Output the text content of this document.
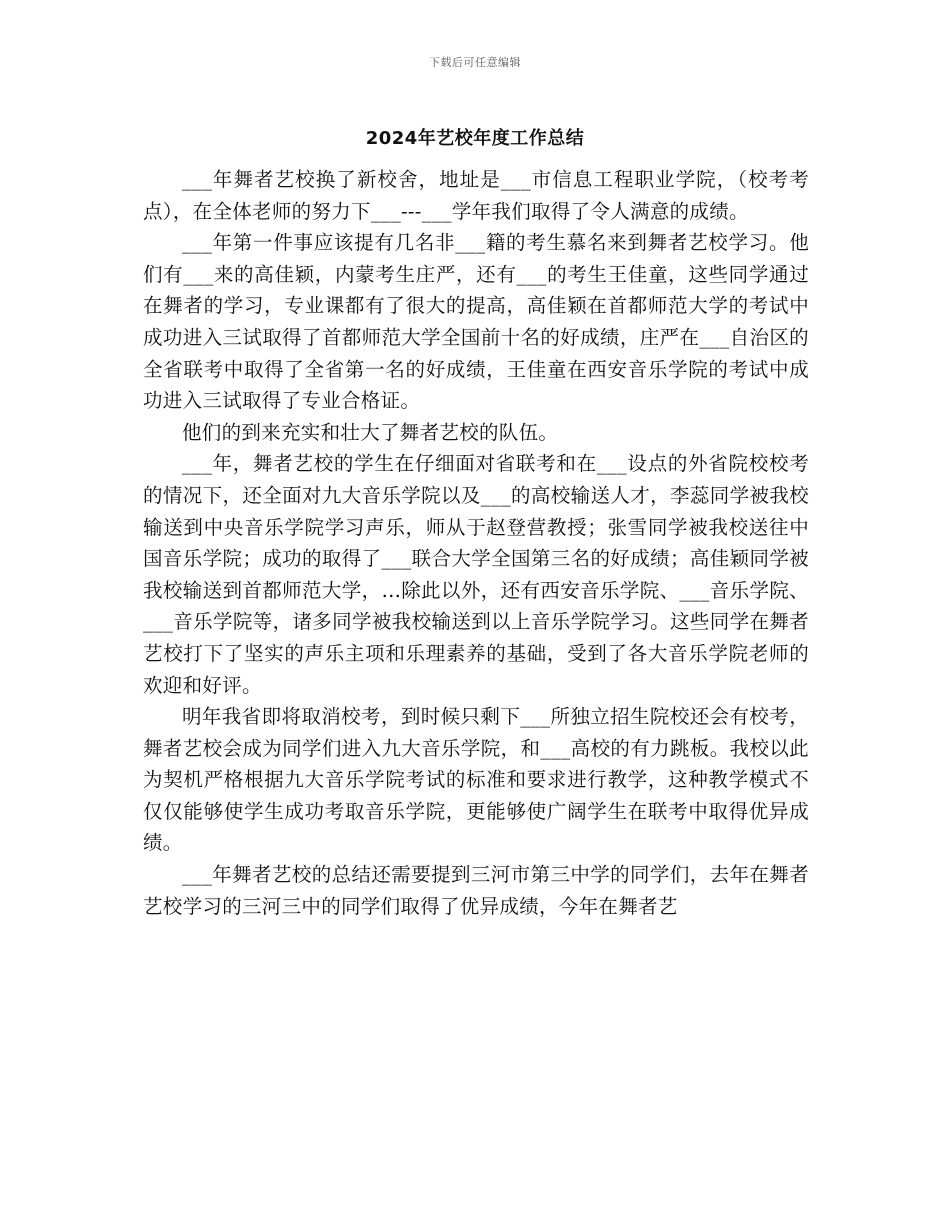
下载后可任意编辑
2024年艺校年度工作总结

___年舞者艺校换了新校舍，地址是___市信息工程职业学院，（校考考点），在全体老师的努力下___---___学年我们取得了令人满意的成绩。

___年第一件事应该提有几名非___籍的考生慕名来到舞者艺校学习。他们有___来的高佳颖，内蒙考生庄严，还有___的考生王佳童，这些同学通过在舞者的学习，专业课都有了很大的提高，高佳颖在首都师范大学的考试中成功进入三试取得了首都师范大学全国前十名的好成绩，庄严在___自治区的全省联考中取得了全省第一名的好成绩，王佳童在西安音乐学院的考试中成功进入三试取得了专业合格证。

他们的到来充实和壮大了舞者艺校的队伍。

___年，舞者艺校的学生在仔细面对省联考和在___设点的外省院校校考的情况下，还全面对九大音乐学院以及___的高校输送人才，李蕊同学被我校输送到中央音乐学院学习声乐，师从于赵登营教授；张雪同学被我校送往中国音乐学院；成功的取得了___联合大学全国第三名的好成绩；高佳颖同学被我校输送到首都师范大学，…除此以外，还有西安音乐学院、___音乐学院、___音乐学院等，诸多同学被我校输送到以上音乐学院学习。这些同学在舞者艺校打下了坚实的声乐主项和乐理素养的基础，受到了各大音乐学院老师的欢迎和好评。

明年我省即将取消校考，到时候只剩下___所独立招生院校还会有校考，舞者艺校会成为同学们进入九大音乐学院，和___高校的有力跳板。我校以此为契机严格根据九大音乐学院考试的标准和要求进行教学，这种教学模式不仅仅能够使学生成功考取音乐学院，更能够使广阔学生在联考中取得优异成绩。

___年舞者艺校的总结还需要提到三河市第三中学的同学们，去年在舞者艺校学习的三河三中的同学们取得了优异成绩，今年在舞者艺
